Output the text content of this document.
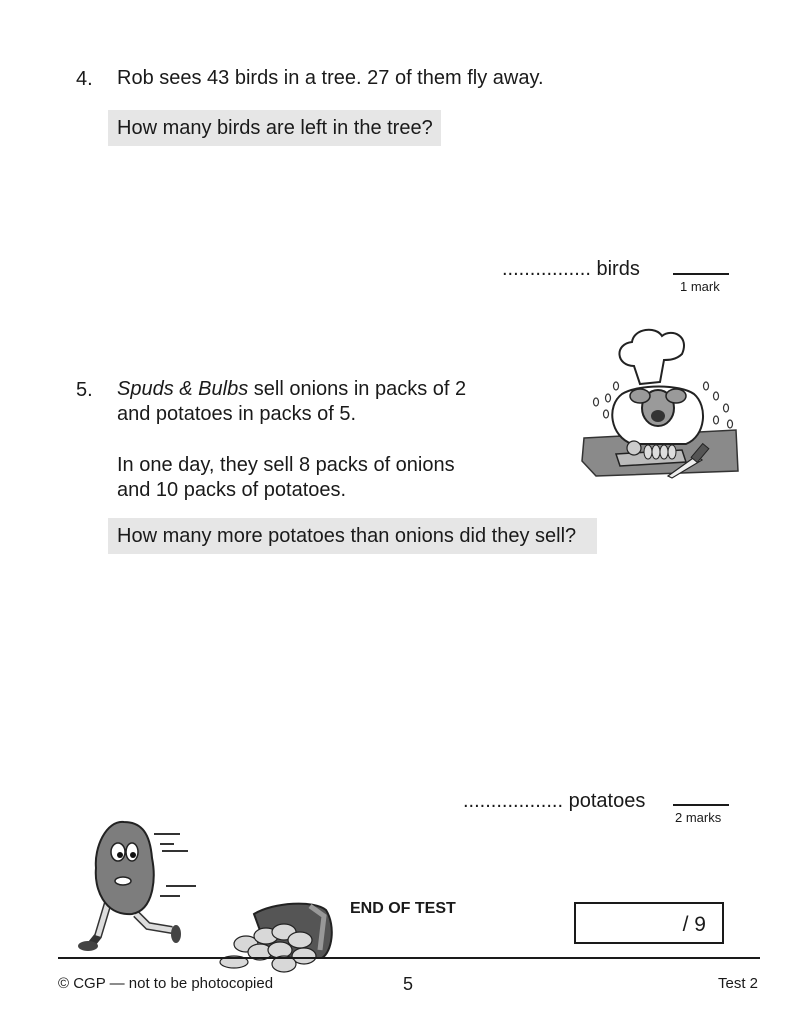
4. Rob sees 43 birds in a tree. 27 of them fly away.
How many birds are left in the tree?
................ birds
1 mark
5. Spuds & Bulbs sell onions in packs of 2
and potatoes in packs of 5.
In one day, they sell 8 packs of onions
and 10 packs of potatoes.
How many more potatoes than onions did they sell?
.................. potatoes
2 marks
END OF TEST
/ 9
© CGP — not to be photocopied	5	Test 2
